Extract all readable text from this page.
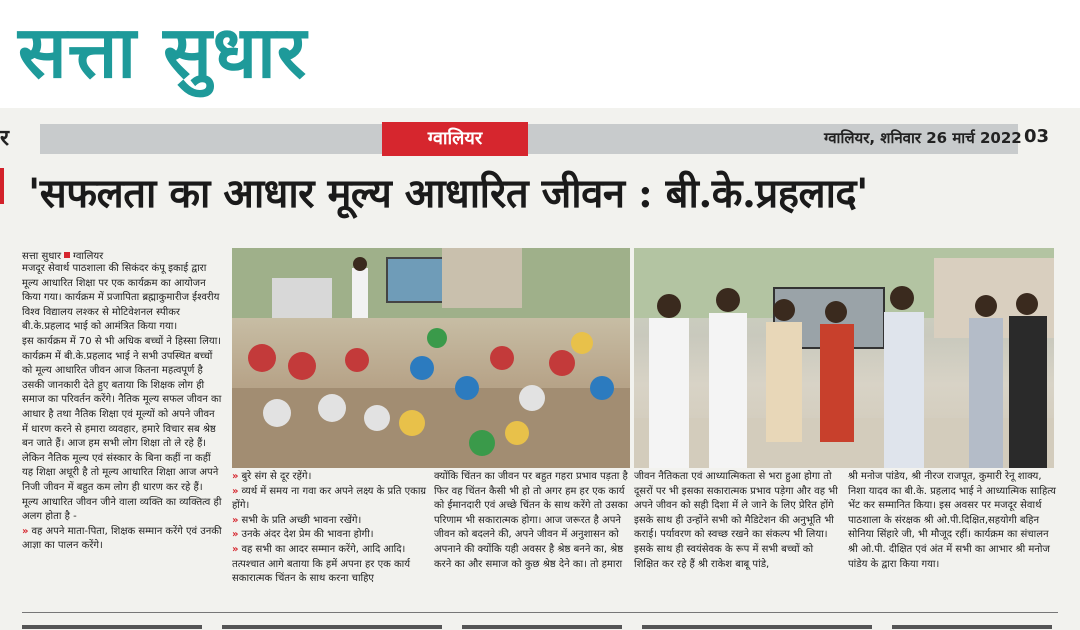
सत्ता सुधार
र	ग्वालियर	ग्वालियर, शनिवार 26 मार्च 2022 03
'सफलता का आधार मूल्य आधारित जीवन : बी.के.प्रहलाद'
सत्ता सुधार ग्वालियर

मजदूर सेवार्थ पाठशाला की सिकंदर कंपू इकाई द्वारा मूल्य आधारित शिक्षा पर एक कार्यक्रम का आयोजन किया गया। कार्यक्रम में प्रजापिता ब्रह्माकुमारीज ईश्वरीय विश्व विद्यालय लश्कर से मोटिवेशनल स्पीकर बी.के.प्रहलाद भाई को आमंत्रित किया गया।

इस कार्यक्रम में 70 से भी अधिक बच्चों ने हिस्सा लिया। कार्यक्रम में बी.के.प्रहलाद भाई ने सभी उपस्थित बच्चों को मूल्य आधारित जीवन आज कितना महत्वपूर्ण है उसकी जानकारी देते हुए बताया कि शिक्षक लोग ही समाज का परिवर्तन करेंगे। नैतिक मूल्य सफल जीवन का आधार है तथा नैतिक शिक्षा एवं मूल्यों को अपने जीवन में धारण करने से हमारा व्यवहार, हमारे विचार सब श्रेष्ठ बन जाते हैं। आज हम सभी लोग शिक्षा तो ले रहे हैं। लेकिन नैतिक मूल्य एवं संस्कार के बिना कहीं ना कहीं यह शिक्षा अधूरी है तो मूल्य आधारित शिक्षा आज अपने निजी जीवन में बहुत कम लोग ही धारण कर रहे हैं। मूल्य आधारित जीवन जीने वाला व्यक्ति का व्यक्तित्व ही अलग होता है -

» वह अपने माता-पिता, शिक्षक सम्मान करेंगे एवं उनकी आज्ञा का पालन करेंगे।

» बुरे संग से दूर रहेंगे।

» व्यर्थ में समय ना गवा कर अपने लक्ष्य के प्रति एकाग्र होंगे।

» सभी के प्रति अच्छी भावना रखेंगे।

» उनके अंदर देश प्रेम की भावना होगी।

» वह सभी का आदर सम्मान करेंगे, आदि आदि।

तत्पश्चात आगे बताया कि हमें अपना हर एक कार्य सकारात्मक चिंतन के साथ करना चाहिए

क्योंकि चिंतन का जीवन पर बहुत गहरा प्रभाव पड़ता है फिर वह चिंतन कैसी भी हो तो अगर हम हर एक कार्य को ईमानदारी एवं अच्छे चिंतन के साथ करेंगे तो उसका परिणाम भी सकारात्मक होगा। आज जरूरत है अपने जीवन को बदलने की, अपने जीवन में अनुशासन को अपनाने की क्योंकि यही अवसर है श्रेष्ठ बनने का, श्रेष्ठ करने का और समाज को कुछ श्रेष्ठ देने का। तो हमारा

जीवन नैतिकता एवं आध्यात्मिकता से भरा हुआ होगा तो दूसरों पर भी इसका सकारात्मक प्रभाव पड़ेगा और वह भी अपने जीवन को सही दिशा में ले जाने के लिए प्रेरित होंगे इसके साथ ही उन्होंने सभी को मैडिटेशन की अनुभूति भी कराई। पर्यावरण को स्वच्छ रखने का संकल्प भी लिया। इसके साथ ही स्वयंसेवक के रूप में सभी बच्चों को शिक्षित कर रहे हैं श्री राकेश बाबू पांडे,

श्री मनोज पांडेय, श्री नीरज राजपूत, कुमारी रेनू शाक्य, निशा यादव का बी.के. प्रहलाद भाई ने आध्यात्मिक साहित्य भेंट कर सम्मानित किया। इस अवसर पर मजदूर सेवार्थ पाठशाला के संरक्षक श्री ओ.पी.दिक्षित,सहयोगी बहिन सोनिया सिंहारे जी, भी मौजूद रहीं। कार्यक्रम का संचालन श्री ओ.पी. दीक्षित एवं अंत में सभी का आभार श्री मनोज पांडेय के द्वारा किया गया।
